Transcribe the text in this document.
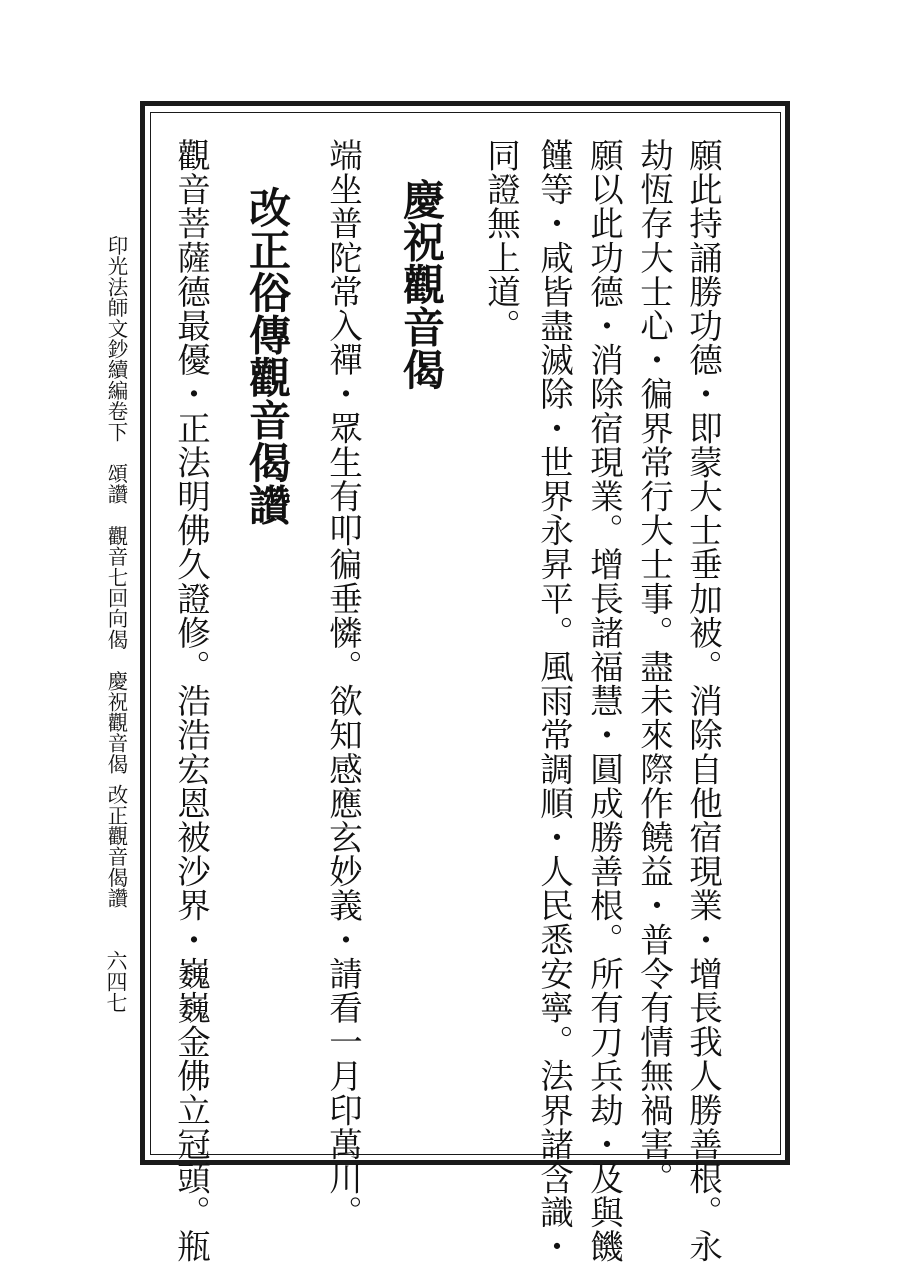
願此持誦勝功德・即蒙大士垂加被。消除自他宿現業・增長我人勝善根。永
劫恆存大士心・徧界常行大士事。盡未來際作饒益・普令有情無禍害。
願以此功德・消除宿現業。增長諸福慧・圓成勝善根。所有刀兵劫・及與饑
饉等・咸皆盡滅除・世界永昇平。風雨常調順・人民悉安寧。法界諸含識・
同證無上道。
慶祝觀音偈
端坐普陀常入禪・眾生有叩徧垂憐。欲知感應玄妙義・請看一月印萬川。
改正俗傳觀音偈讚
觀音菩薩德最優・正法明佛久證修。浩浩宏恩被沙界・巍巍金佛立冠頭。瓶
印光法師文鈔續編卷下頌讚觀音七回向偈慶祝觀音偈改正觀音偈讚
六四七
